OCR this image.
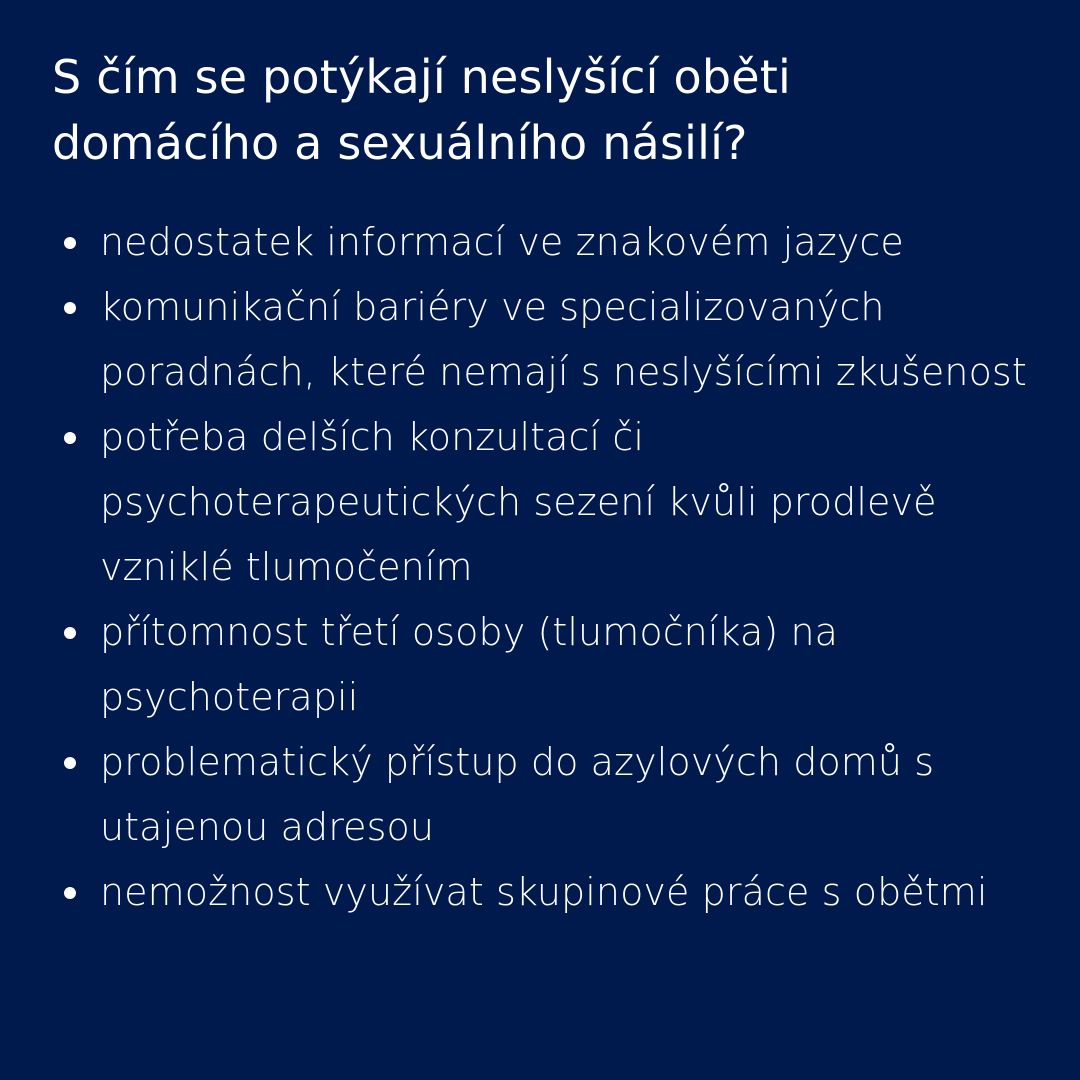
S čím se potýkají neslyšící oběti domácího a sexuálního násilí?
nedostatek informací ve znakovém jazyce
komunikační bariéry ve specializovaných poradnách, které nemají s neslyšícími zkušenost
potřeba delších konzultací či psychoterapeutických sezení kvůli prodlevě vzniklé tlumočením
přítomnost třetí osoby (tlumočníka) na psychoterapii
problematický přístup do azylových domů s utajenou adresou
nemožnost využívat skupinové práce s obětmi
